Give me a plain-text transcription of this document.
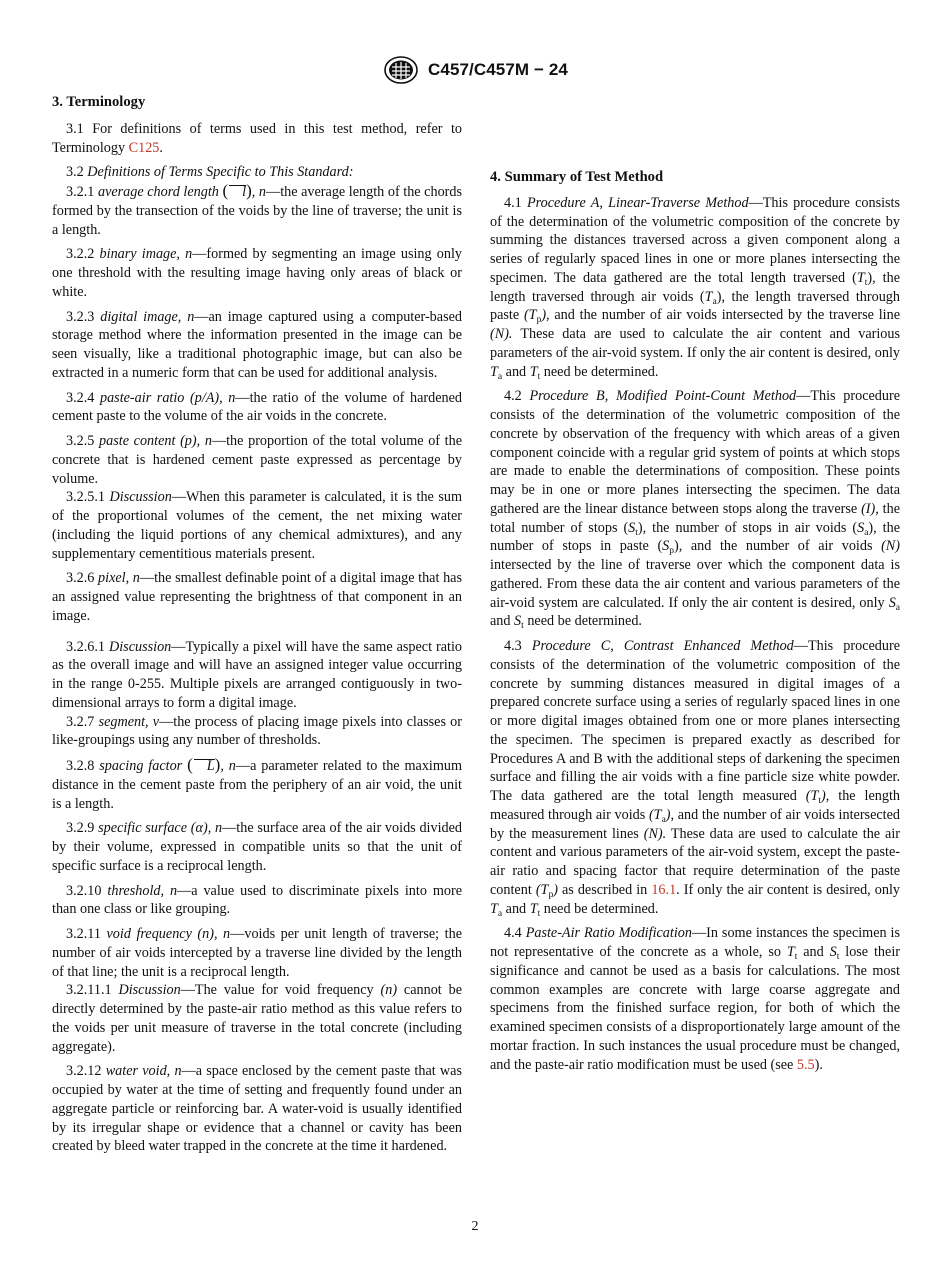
C457/C457M − 24
3. Terminology

3.1 For definitions of terms used in this test method, refer to Terminology C125.

3.2 Definitions of Terms Specific to This Standard:

3.2.1 average chord length ( l), n—the average length of the chords formed by the transection of the voids by the line of traverse; the unit is a length.

3.2.2 binary image, n—formed by segmenting an image using only one threshold with the resulting image having only areas of black or white.

3.2.3 digital image, n—an image captured using a computer-based storage method where the information presented in the image can be seen visually, like a traditional photographic image, but can also be extracted in a numeric form that can be used for additional analysis.

3.2.4 paste-air ratio (p/A), n—the ratio of the volume of hardened cement paste to the volume of the air voids in the concrete.

3.2.5 paste content (p), n—the proportion of the total volume of the concrete that is hardened cement paste expressed as percentage by volume.

3.2.5.1 Discussion—When this parameter is calculated, it is the sum of the proportional volumes of the cement, the net mixing water (including the liquid portions of any chemical admixtures), and any supplementary cementitious materials present.

3.2.6 pixel, n—the smallest definable point of a digital image that has an assigned value representing the brightness of that component in an image.

3.2.6.1 Discussion—Typically a pixel will have the same aspect ratio as the overall image and will have an assigned integer value occurring in the range 0-255. Multiple pixels are arranged contiguously in two-dimensional arrays to form a digital image.

3.2.7 segment, v—the process of placing image pixels into classes or like-groupings using any number of thresholds.

3.2.8 spacing factor ( L), n—a parameter related to the maximum distance in the cement paste from the periphery of an air void, the unit is a length.

3.2.9 specific surface (α), n—the surface area of the air voids divided by their volume, expressed in compatible units so that the unit of specific surface is a reciprocal length.

3.2.10 threshold, n—a value used to discriminate pixels into more than one class or like grouping.

3.2.11 void frequency (n), n—voids per unit length of traverse; the number of air voids intercepted by a traverse line divided by the length of that line; the unit is a reciprocal length.

3.2.11.1 Discussion—The value for void frequency (n) cannot be directly determined by the paste-air ratio method as this value refers to the voids per unit measure of traverse in the total concrete (including aggregate).

3.2.12 water void, n—a space enclosed by the cement paste that was occupied by water at the time of setting and frequently found under an aggregate particle or reinforcing bar. A water-void is usually identified by its irregular shape or evidence that a channel or cavity has been created by bleed water trapped in the concrete at the time it hardened.

4. Summary of Test Method

4.1 Procedure A, Linear-Traverse Method—This procedure consists of the determination of the volumetric composition of the concrete by summing the distances traversed across a given component along a series of regularly spaced lines in one or more planes intersecting the specimen. The data gathered are the total length traversed $(T_t)$, the length traversed through air voids $(T_a)$, the length traversed through paste $(T_p)$, and the number of air voids intersected by the traverse line (N). These data are used to calculate the air content and various parameters of the air-void system. If only the air content is desired, only $T_a$ and $T_t$ need be determined.

4.2 Procedure B, Modified Point-Count Method—This procedure consists of the determination of the volumetric composition of the concrete by observation of the frequency with which areas of a given component coincide with a regular grid system of points at which stops are made to enable the determinations of composition. These points may be in one or more planes intersecting the specimen. The data gathered are the linear distance between stops along the traverse (I), the total number of stops $(S_t)$, the number of stops in air voids $(S_a)$, the number of stops in paste $(S_p)$, and the number of air voids (N) intersected by the line of traverse over which the component data is gathered. From these data the air content and various parameters of the air-void system are calculated. If only the air content is desired, only $S_a$ and $S_t$ need be determined.

4.3 Procedure C, Contrast Enhanced Method—This procedure consists of the determination of the volumetric composition of the concrete by summing distances measured in digital images of a prepared concrete surface using a series of regularly spaced lines in one or more digital images obtained from one or more planes intersecting the specimen. The specimen is prepared exactly as described for Procedures A and B with the additional steps of darkening the specimen surface and filling the air voids with a fine particle size white powder. The data gathered are the total length measured $(T_t)$, the length measured through air voids $(T_a)$, and the number of air voids intersected by the measurement lines (N). These data are used to calculate the air content and various parameters of the air-void system, except the paste-air ratio and spacing factor that require determination of the paste content $(T_p)$ as described in 16.1. If only the air content is desired, only $T_a$ and $T_t$ need be determined.

4.4 Paste-Air Ratio Modification—In some instances the specimen is not representative of the concrete as a whole, so $T_t$ and $S_t$ lose their significance and cannot be used as a basis for calculations. The most common examples are concrete with large coarse aggregate and specimens from the finished surface region, for both of which the examined specimen consists of a disproportionately large amount of the mortar fraction. In such instances the usual procedure must be changed, and the paste-air ratio modification must be used (see 5.5).

2
